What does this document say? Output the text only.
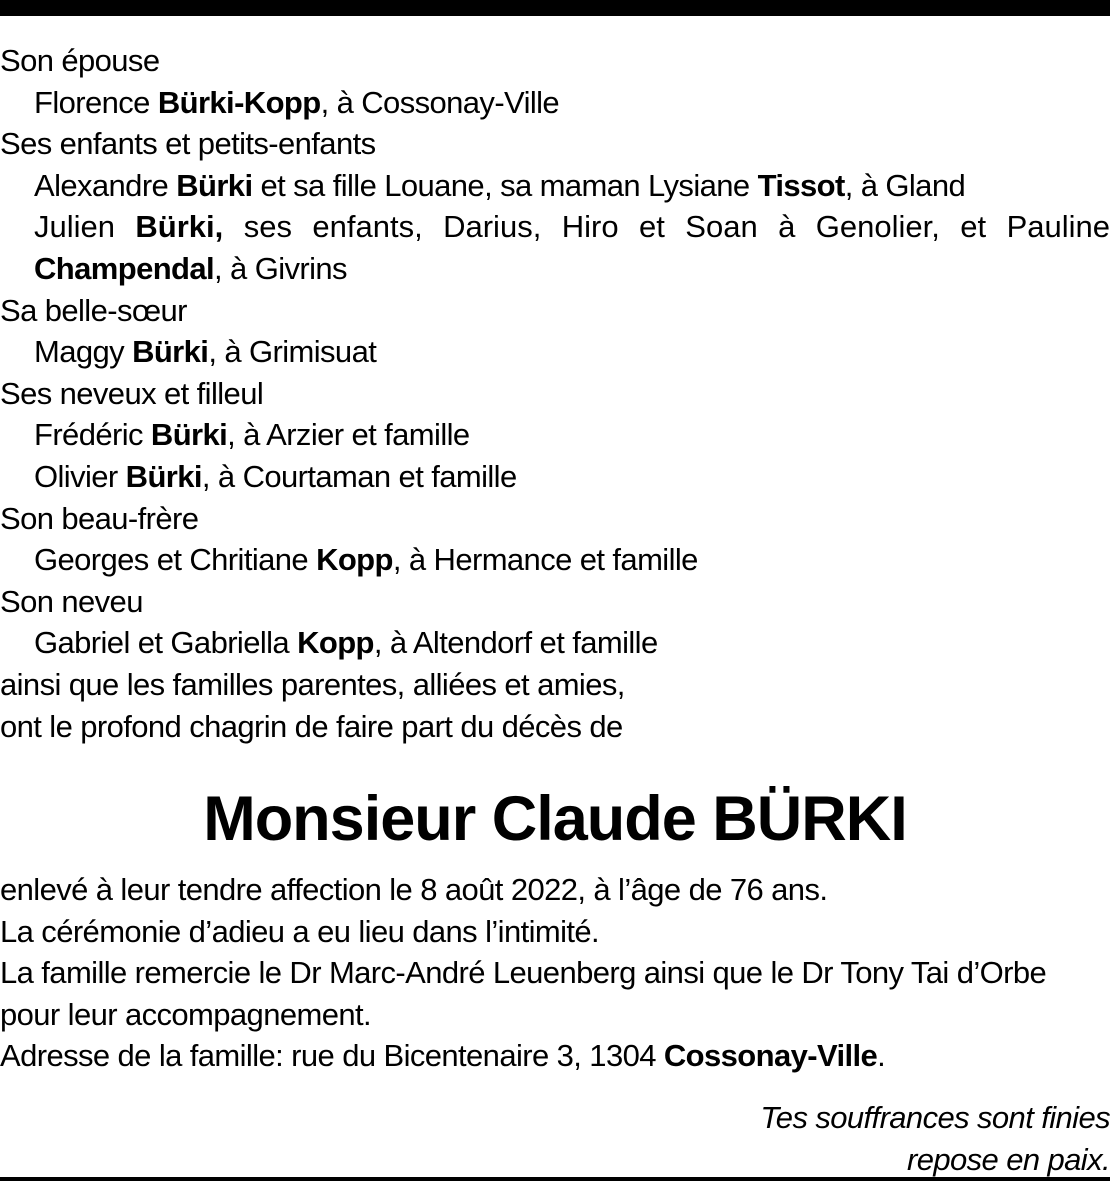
Son épouse
Florence Bürki-Kopp, à Cossonay-Ville
Ses enfants et petits-enfants
Alexandre Bürki et sa fille Louane, sa maman Lysiane Tissot, à Gland
Julien Bürki, ses enfants, Darius, Hiro et Soan à Genolier, et Pauline
Champendal, à Givrins
Sa belle-sœur
Maggy Bürki, à Grimisuat
Ses neveux et filleul
Frédéric Bürki, à Arzier et famille
Olivier Bürki, à Courtaman et famille
Son beau-frère
Georges et Chritiane Kopp, à Hermance et famille
Son neveu
Gabriel et Gabriella Kopp, à Altendorf et famille
ainsi que les familles parentes, alliées et amies,
ont le profond chagrin de faire part du décès de
Monsieur Claude BÜRKI
enlevé à leur tendre affection le 8 août 2022, à l’âge de 76 ans.
La cérémonie d’adieu a eu lieu dans l’intimité.
La famille remercie le Dr Marc-André Leuenberg ainsi que le Dr Tony Tai d’Orbe
pour leur accompagnement.
Adresse de la famille: rue du Bicentenaire 3, 1304 Cossonay-Ville.
Tes souffrances sont finies
repose en paix.
